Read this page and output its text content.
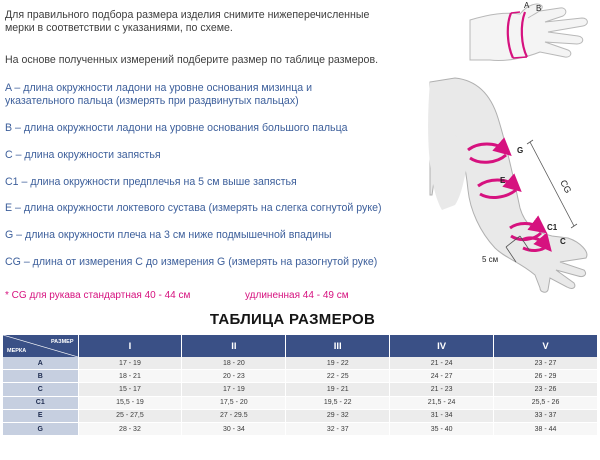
Для правильного подбора размера изделия снимите нижеперечисленные
мерки в соответствии с указаниями, по схеме.
На основе полученных измерений подберите размер по таблице размеров.
A – длина окружности ладони на уровне основания мизинца и
указательного пальца (измерять при раздвинутых пальцах)
B – длина окружности ладони на уровне основания большого пальца
C – длина окружности запястья
C1 – длина окружности предплечья на 5 см выше запястья
E – длина окружности локтевого сустава (измерять на слегка согнутой руке)
G – длина окружности плеча на 3 см ниже подмышечной впадины
CG – длина от измерения C до измерения G (измерять на разогнутой руке)
* CG для рукава стандартная 40 - 44 см	удлиненная 44 - 49 см
A B
CG
G
E
C1
C
5 см
ТАБЛИЦА РАЗМЕРОВ
РАЗМЕР
МЕРКА	I	II	III	IV	V
A	17 - 19	18 - 20	19 - 22	21 - 24	23 - 27
B	18 - 21	20 - 23	22 - 25	24 - 27	26 - 29
C	15 - 17	17 - 19	19 - 21	21 - 23	23 - 26
C1	15,5 - 19	17,5 - 20	19,5 - 22	21,5 - 24	25,5 - 26
E	25 - 27,5	27 - 29.5	29 - 32	31 - 34	33 - 37
G	28 - 32	30 - 34	32 - 37	35 - 40	38 - 44
